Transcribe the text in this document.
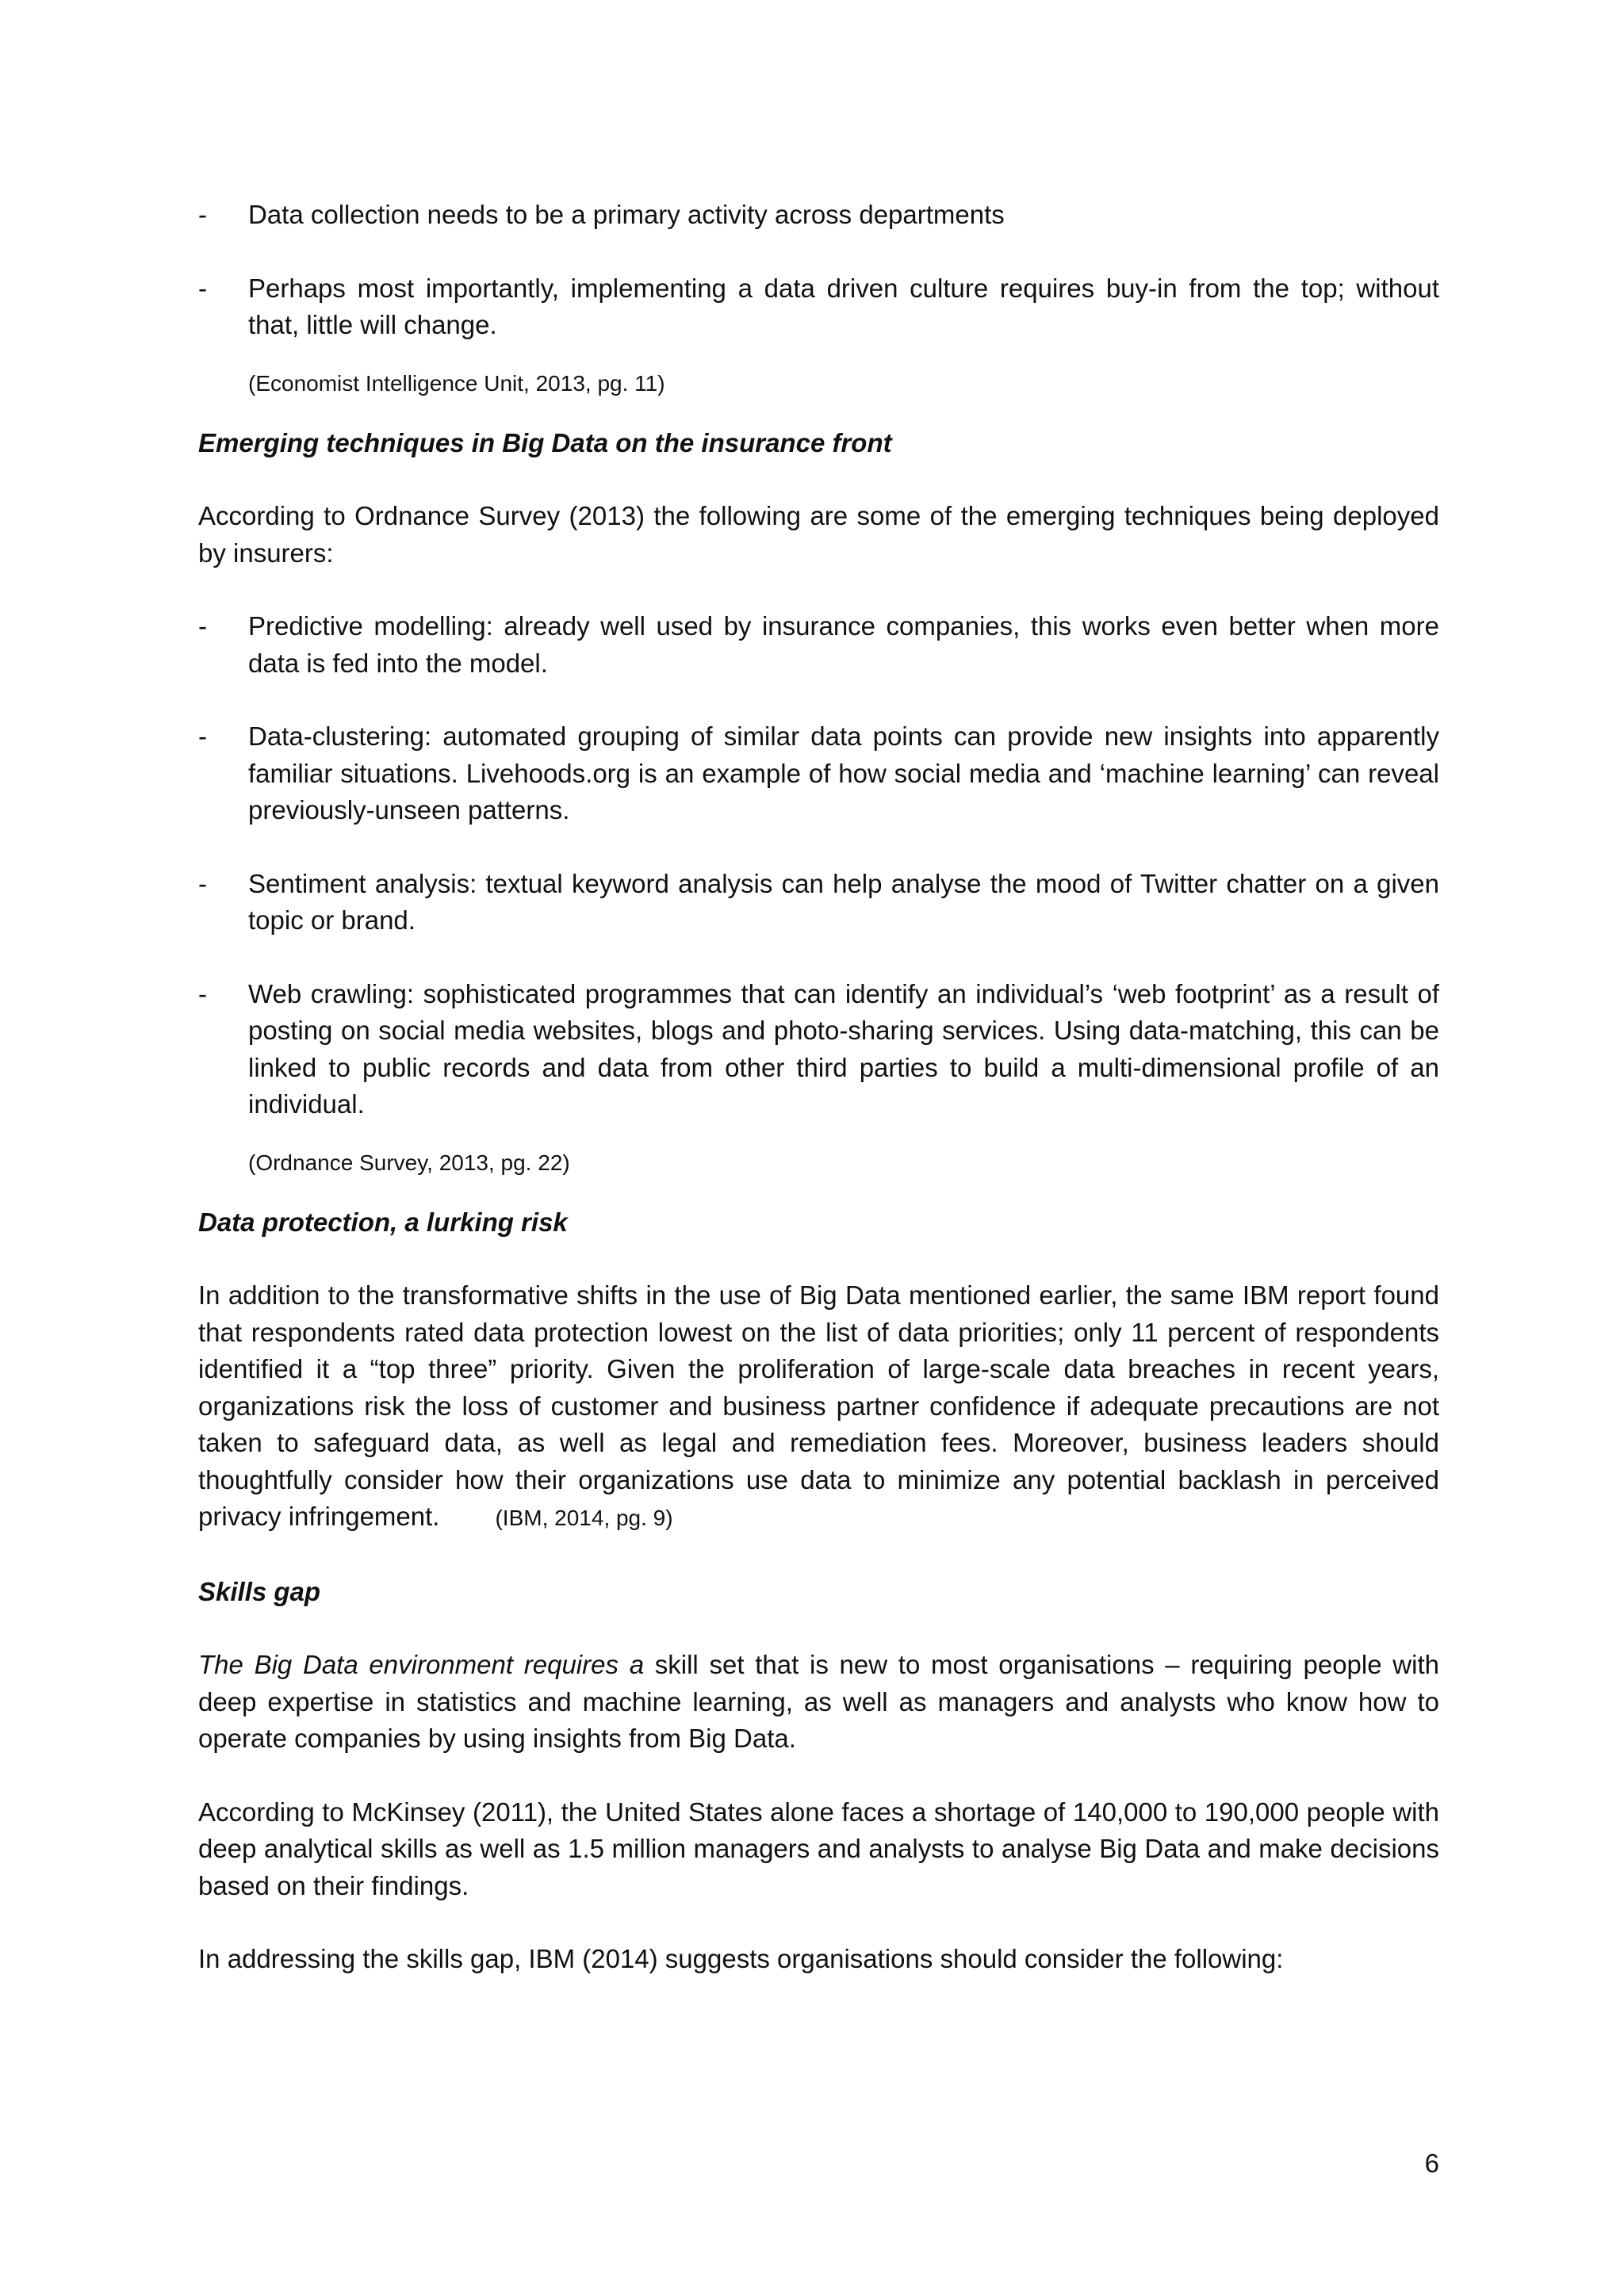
- Data collection needs to be a primary activity across departments

- Perhaps most importantly, implementing a data driven culture requires buy-in from the top; without that, little will change.

(Economist Intelligence Unit, 2013, pg. 11)

Emerging techniques in Big Data on the insurance front

According to Ordnance Survey (2013) the following are some of the emerging techniques being deployed by insurers:

- Predictive modelling: already well used by insurance companies, this works even better when more data is fed into the model.

- Data-clustering: automated grouping of similar data points can provide new insights into apparently familiar situations. Livehoods.org is an example of how social media and ‘machine learning’ can reveal previously-unseen patterns.

- Sentiment analysis: textual keyword analysis can help analyse the mood of Twitter chatter on a given topic or brand.

- Web crawling: sophisticated programmes that can identify an individual’s ‘web footprint’ as a result of posting on social media websites, blogs and photo-sharing services. Using data-matching, this can be linked to public records and data from other third parties to build a multi-dimensional profile of an individual.

(Ordnance Survey, 2013, pg. 22)

Data protection, a lurking risk

In addition to the transformative shifts in the use of Big Data mentioned earlier, the same IBM report found that respondents rated data protection lowest on the list of data priorities; only 11 percent of respondents identified it a “top three” priority. Given the proliferation of large-scale data breaches in recent years, organizations risk the loss of customer and business partner confidence if adequate precautions are not taken to safeguard data, as well as legal and remediation fees. Moreover, business leaders should thoughtfully consider how their organizations use data to minimize any potential backlash in perceived privacy infringement.	(IBM, 2014, pg. 9)

Skills gap

The Big Data environment requires a skill set that is new to most organisations – requiring people with deep expertise in statistics and machine learning, as well as managers and analysts who know how to operate companies by using insights from Big Data.

According to McKinsey (2011), the United States alone faces a shortage of 140,000 to 190,000 people with deep analytical skills as well as 1.5 million managers and analysts to analyse Big Data and make decisions based on their findings.

In addressing the skills gap, IBM (2014) suggests organisations should consider the following:

6
